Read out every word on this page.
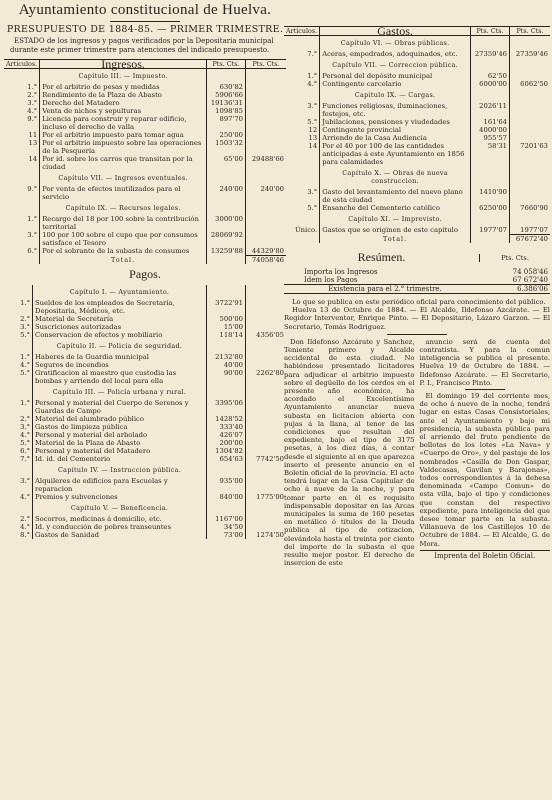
Ayuntamiento constitucional de Huelva.
PRESUPUESTO DE 1884-85. — PRIMER TRIMESTRE.
ESTADO de los ingresos y pagos verificados por la Depositaria municipal durante este primer trimestre para atenciones del indicado presupuesto.
Artículos.	Ingresos.	Pts. Cts.	Pts. Cts.
	Capítulo III. — Impuesto.		
1.°	Por el arbitrio de pesas y medidas	630'82	
2.°	Rendimiento de la Plaza de Abasto	5906'66	
3.°	Derecho del Matadero	19136'31	
4.°	Venta de nichos y sepulturas	1098'85	
9.°	Licencia para construir y reparar edificio, incluso el derecho de valla	897'70	
11	Por el arbitrio impuesto para tomar agua	250'00	
13	Por el arbitrio impuesto sobre las operaciones de la Pesquería	1503'32	
14	Por id. sobre los carros que transitan por la ciudad	65'00	29488'66
	Capítulo VII. — Ingresos eventuales.		
9.°	Por venta de efectos inutilizados para el servicio	240'00	240'00
	Capítulo IX. — Recursos legales.		
1.°	Recargo del 18 por 100 sobre la contribución territorial	3000'00	
3.°	100 por 100 sobre el cupo que por consumos satisface el Tesoro	28069'92	
6.°	Por el sobrante de la subasta de consumos	13259'88	44329'80
	Total.		74058'46
Pagos.
	Capítulo I. — Ayuntamiento.		
1.°	Sueldos de los empleados de Secretaría, Depositaria, Médicos, etc.	3722'91	
2.°	Material de Secretaría	500'00	
3.°	Suscriciones autorizadas	15'00	
5.°	Conservacion de efectos y mobiliario	118'14	4356'05
	Capítulo II. — Policía de seguridad.		
1.°	Haberes de la Guardia municipal	2132'80	
4.°	Seguros de incendios	40'00	
5.°	Gratificacion al maestro que custodia las bombas y arriendo del local para ella	90'00	2262'80
	Capítulo III. — Policía urbana y rural.		
1.°	Personal y material del Cuerpo de Serenos y Guardas de Campo	3395'06	
2.°	Material del alumbrado público	1428'52	
3.°	Gastos de limpieza pública	333'40	
4.°	Personal y material del arbolado	426'07	
5.°	Material de la Plaza de Abasto	200'00	
6.°	Personal y material del Matadero	1304'82	
7.°	Id. id. del Cementerio	654'63	7742'50
	Capítulo IV. — Instruccion pública.		
3.°	Alquileres de edificios para Escuelas y reparacion	935'00	
4.°	Premios y subvenciones	840'00	1775'00
	Capítulo V. — Beneficencia.		
2.°	Socorros, medicinas á domicilio, etc.	1167'00	
4.°	Id. y conducción de pobres transeuntes	34'50	
8.°	Gastos de Sanidad	73'00	1274'50
Artículos.	Gastos.	Pts. Cts.	Pts. Cts.
	Capítulo VI. — Obras públicas.		
7.°	Aceras, empedrados, adoquinados, etc.	27359'46	27359'46
	Capítulo VII. — Correccion pública.		
1.°	Personal del depósito municipal	62'50	
4.°	Contingente carcelario	6000'00	6062'50
	Capítulo IX. — Cargas.		
3.°	Funciones religiosas, iluminaciones, festejos, etc.	2026'11	
5.°	Jubilaciones, pensiones y viudedades	161'64	
12	Contingente provincial	4000'00	
13	Arriendo de la Casa Audiencia	955'57	
14	Por el 40 por 100 de las cantidades anticipadas á este Ayuntamiento en 1856 para calamidades	58'31	7201'63
	Capítulo X. — Obras de nueva construccion.		
3.°	Gasto del levantamiento del nuevo plano de esta ciudad	1410'90	
5.°	Ensanche del Cementerio católico	6250'00	7660'90
	Capítulo XI. — Imprevisto.		
Único.	Gastos que se originen de este capítulo	1977'07	1977'07
	Total.		67672'40
Resúmen.	Pts. Cts.
Importa los Ingresos	74 058'46
Idem los Pagos	67 672'40
Existencia para el 2.° trimestre.	6.386'06
Lo que se publica en este periódico oficial para conocimiento del público.
Huelva 13 de Octubre de 1884. — El Alcalde, Ildefonso Azcárate. — El Regidor Interventor, Enrique Pinto. — El Depositario, Lázaro Garzon. — El Secretario, Tomás Rodriguez.
Don Ildefonso Azcárate y Sanchez, Teniente primero y Alcalde accidental de esta ciudad. No habiéndose presentado licitadores para adjudicar el arbitrio impuesto sobre el degüello de los cerdos en el presente año económico, ha acordado el Excelentísimo Ayuntamiento anunciar nueva subasta en licitacion abierta con pujas á la llana, al tenor de las condiciones que resultan del expediente, bajo el tipo de 3175 pesetas, á los diez días, á contar desde el siguiente al en que aparezca inserto el presente anuncio en el Boletín oficial de la provincia. El acto tendrá lugar en la Casa Capitular de ocho á nueve de la noche, y para tomar parte en él es requisito indispensable depositar en las Arcas municipales la suma de 160 pesetas en metálico ó títulos de la Deuda pública al tipo de cotizacion, elevándola hasta el treinta por ciento del importe de la subasta el que resulte mejor postor. El derecho de insercion de este
anuncio será de cuenta del contratista. Y para la comun inteligencia se publica el presente. Huelva 19 de Octubre de 1884. — Ildefonso Azcárate. — El Secretario, P. I., Francisco Pinto.
El domingo 19 del corriente mes, de ocho á nueve de la noche, tendrá lugar en estas Casas Consistoriales, ante el Ayuntamiento y bajo mi presidencia, la subasta pública para el arriendo del fruto pendiente de bellotas de los lotes «La Nava» y «Cuerpo de Oro», y del pastaje de los nombrados «Casilla de Don Gaspar, Valdecasas, Gavilan y Barajonas», todos correspondientes á la dehesa denominada «Campo Comun» de esta villa, bajo el tipo y condiciones que constan del respectivo expediente, para inteligencia del que desee tomar parte en la subasta. Villanueva de los Castillejos 10 de Octubre de 1884. — El Alcalde, G. de Mora.
Imprenta del Boletin Oficial.
